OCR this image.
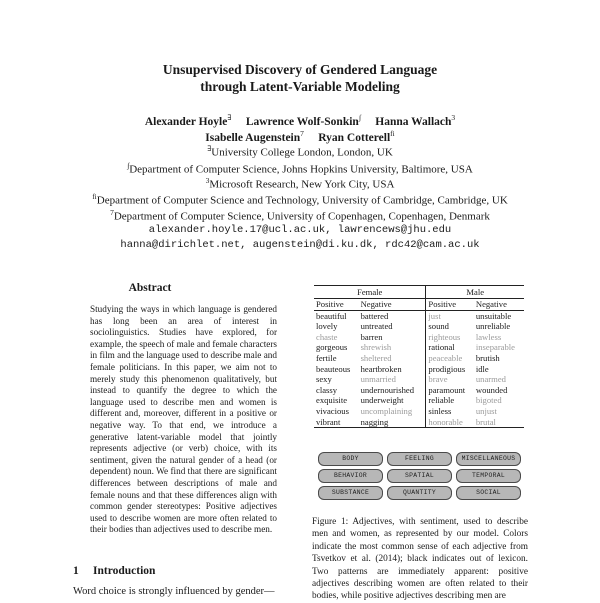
Unsupervised Discovery of Gendered Language
through Latent-Variable Modeling
Alexander Hoyle∃ Lawrence Wolf-Sonkin∫ Hanna Wallach$^3$
Isabelle Augenstein$^7$ Ryan Cotterell$^{fi}$
∃University College London, London, UK
∫Department of Computer Science, Johns Hopkins University, Baltimore, USA
$^3$Microsoft Research, New York City, USA
$^{fi}$Department of Computer Science and Technology, University of Cambridge, Cambridge, UK
$^7$Department of Computer Science, University of Copenhagen, Copenhagen, Denmark
alexander.hoyle.17@ucl.ac.uk, lawrencews@jhu.edu
hanna@dirichlet.net, augenstein@di.ku.dk, rdc42@cam.ac.uk
Abstract

Studying the ways in which language is gendered has long been an area of interest in sociolinguistics. Studies have explored, for example, the speech of male and female characters in film and the language used to describe male and female politicians. In this paper, we aim not to merely study this phenomenon qualitatively, but instead to quantify the degree to which the language used to describe men and women is different and, moreover, different in a positive or negative way. To that end, we introduce a generative latent-variable model that jointly represents adjective (or verb) choice, with its sentiment, given the natural gender of a head (or dependent) noun. We find that there are significant differences between descriptions of male and female nouns and that these differences align with common gender stereotypes: Positive adjectives used to describe women are more often related to their bodies than adjectives used to describe men.

1 Introduction
Word choice is strongly influenced by gender—
Female		Male	
Positive	Negative	Positive	Negative
beautiful	battered	just	unsuitable
lovely	untreated	sound	unreliable
chaste	barren	righteous	lawless
gorgeous	shrewish	rational	inseparable
fertile	sheltered	peaceable	brutish
beauteous	heartbroken	prodigious	idle
sexy	unmarried	brave	unarmed
classy	undernourished	paramount	wounded
exquisite	underweight	reliable	bigoted
vivacious	uncomplaining	sinless	unjust
vibrant	nagging	honorable	brutal
BODY	FEELING	MISCELLANEOUS
BEHAVIOR	SPATIAL	TEMPORAL
SUBSTANCE	QUANTITY	SOCIAL
Figure 1: Adjectives, with sentiment, used to describe men and women, as represented by our model. Colors indicate the most common sense of each adjective from Tsvetkov et al. (2014); black indicates out of lexicon. Two patterns are immediately apparent: positive adjectives describing women are often related to their bodies, while positive adjectives describing men are
